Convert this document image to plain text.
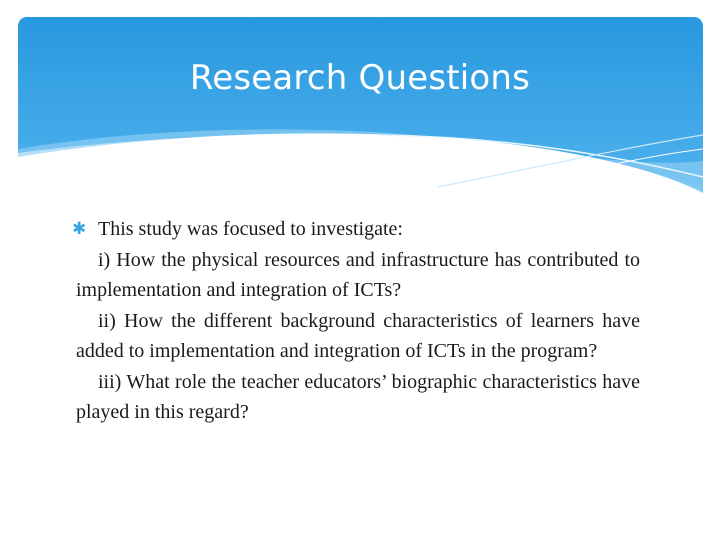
Research Questions
✱ This study was focused to investigate:

i) How the physical resources and infrastructure has contributed to implementation and integration of ICTs?

ii) How the different background characteristics of learners have added to implementation and integration of ICTs in the program?

iii) What role the teacher educators’ biographic characteristics have played in this regard?
